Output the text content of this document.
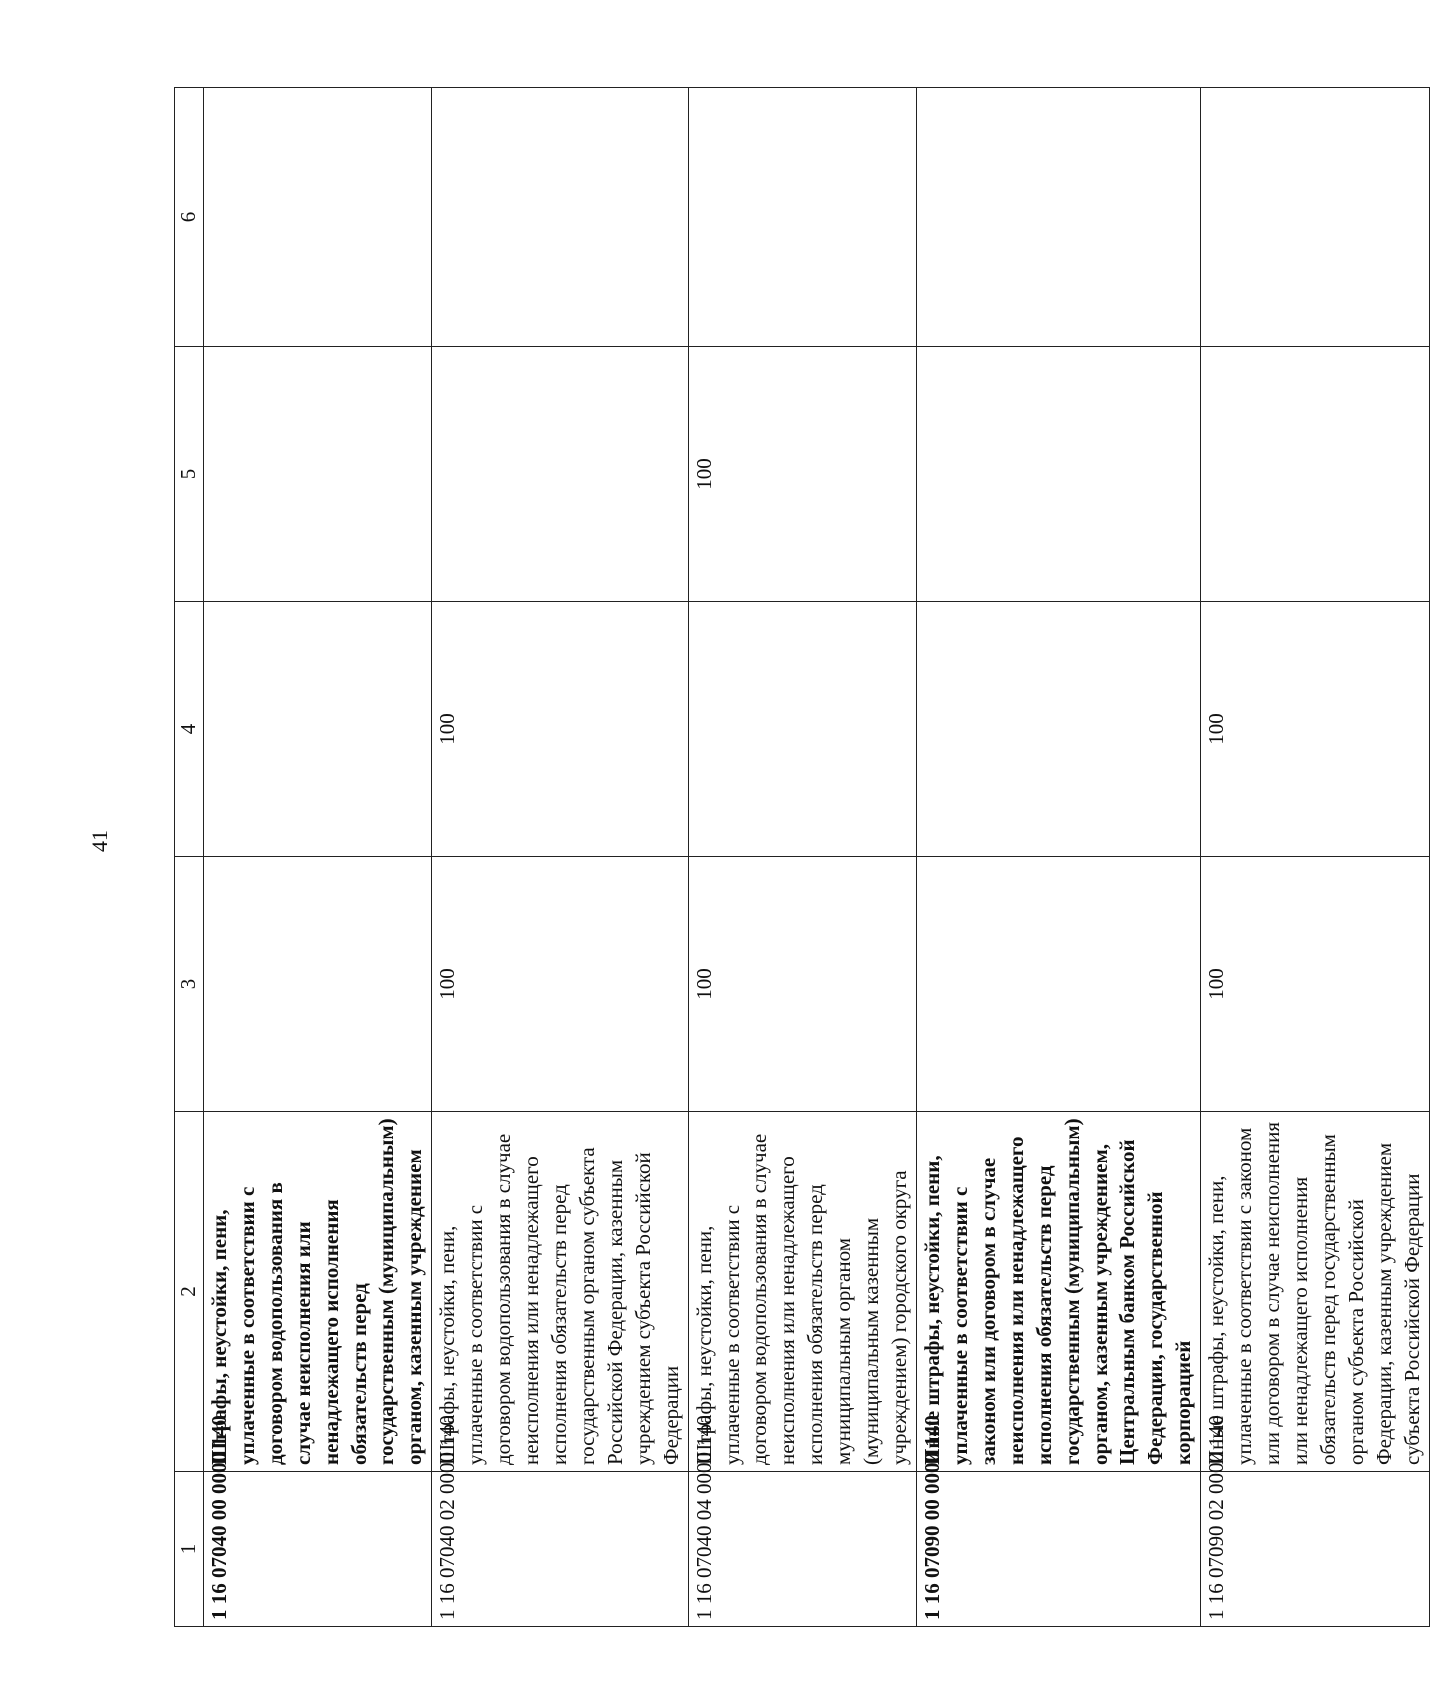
41
1	2	3	4	5	6
1 16 07040 00 0000 140	Штрафы, неустойки, пени, уплаченные в соответствии с договором водопользования в случае неисполнения или ненадлежащего исполнения обязательств перед государственным (муниципальным) органом, казенным учреждением				
1 16 07040 02 0000 140	Штрафы, неустойки, пени, уплаченные в соответствии с договором водопользования в случае неисполнения или ненадлежащего исполнения обязательств перед государственным органом субъекта Российской Федерации, казенным учреждением субъекта Российской Федерации	100	100		
1 16 07040 04 0000 140	Штрафы, неустойки, пени, уплаченные в соответствии с договором водопользования в случае неисполнения или ненадлежащего исполнения обязательств перед муниципальным органом (муниципальным казенным учреждением) городского округа	100		100	
1 16 07090 00 0000 140	Иные штрафы, неустойки, пени, уплаченные в соответствии с законом или договором в случае неисполнения или ненадлежащего исполнения обязательств перед государственным (муниципальным) органом, казенным учреждением, Центральным банком Российской Федерации, государственной корпорацией				
1 16 07090 02 0000 140	Иные штрафы, неустойки, пени, уплаченные в соответствии с законом или договором в случае неисполнения или ненадлежащего исполнения обязательств перед государственным органом субъекта Российской Федерации, казенным учреждением субъекта Российской Федерации	100	100		
